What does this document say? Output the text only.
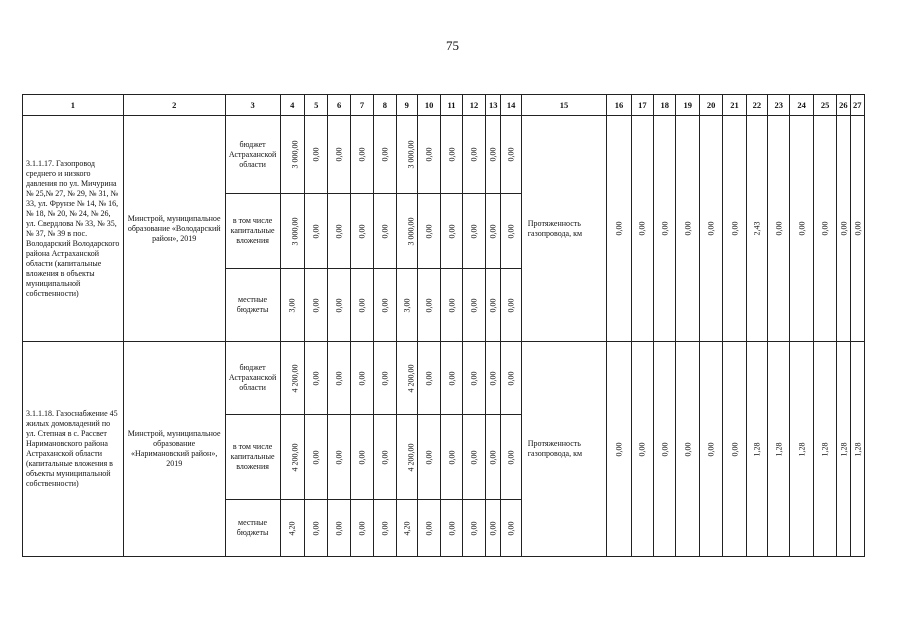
75
1	2	3	4	5	6	7	8	9	10	11	12	13	14	15	16	17	18	19	20	21	22	23	24	25	26	27
3.1.1.17. Газопровод среднего и низкого давления по ул. Мичурина № 25,№ 27, № 29, № 31, № 33, ул. Фрунзе № 14, № 16, № 18, № 20, № 24, № 26, ул. Свердлова № 33, № 35, № 37, № 39 в пос. Володарский Володарского района Астраханской области (капитальные вложения в объекты муниципальной собственности)	Минстрой, муниципальное образование «Володарский район», 2019	бюджет Астраханской области	3 000,00	0,00	0,00	0,00	0,00	3 000,00	0,00	0,00	0,00	0,00	0,00	Протяженность газопровода, км	0,00	0,00	0,00	0,00	0,00	0,00	2,43	0,00	0,00	0,00	0,00	0,00
		в том числе капитальные вложения	3 000,00	0,00	0,00	0,00	0,00	3 000,00	0,00	0,00	0,00	0,00	0,00													
		местные бюджеты	3,00	0,00	0,00	0,00	0,00	3,00	0,00	0,00	0,00	0,00	0,00													
3.1.1.18. Газоснабжение 45 жилых домовладений по ул. Степная в с. Рассвет Наримановского района Астраханской области (капитальные вложения в объекты муниципальной собственности)	Минстрой, муниципальное образование «Наримановский район», 2019	бюджет Астраханской области	4 200,00	0,00	0,00	0,00	0,00	4 200,00	0,00	0,00	0,00	0,00	0,00	Протяженность газопровода, км	0,00	0,00	0,00	0,00	0,00	0,00	1,28	1,28	1,28	1,28	1,28	1,28
		в том числе капитальные вложения	4 200,00	0,00	0,00	0,00	0,00	4 200,00	0,00	0,00	0,00	0,00	0,00													
		местные бюджеты	4,20	0,00	0,00	0,00	0,00	4,20	0,00	0,00	0,00	0,00	0,00													
